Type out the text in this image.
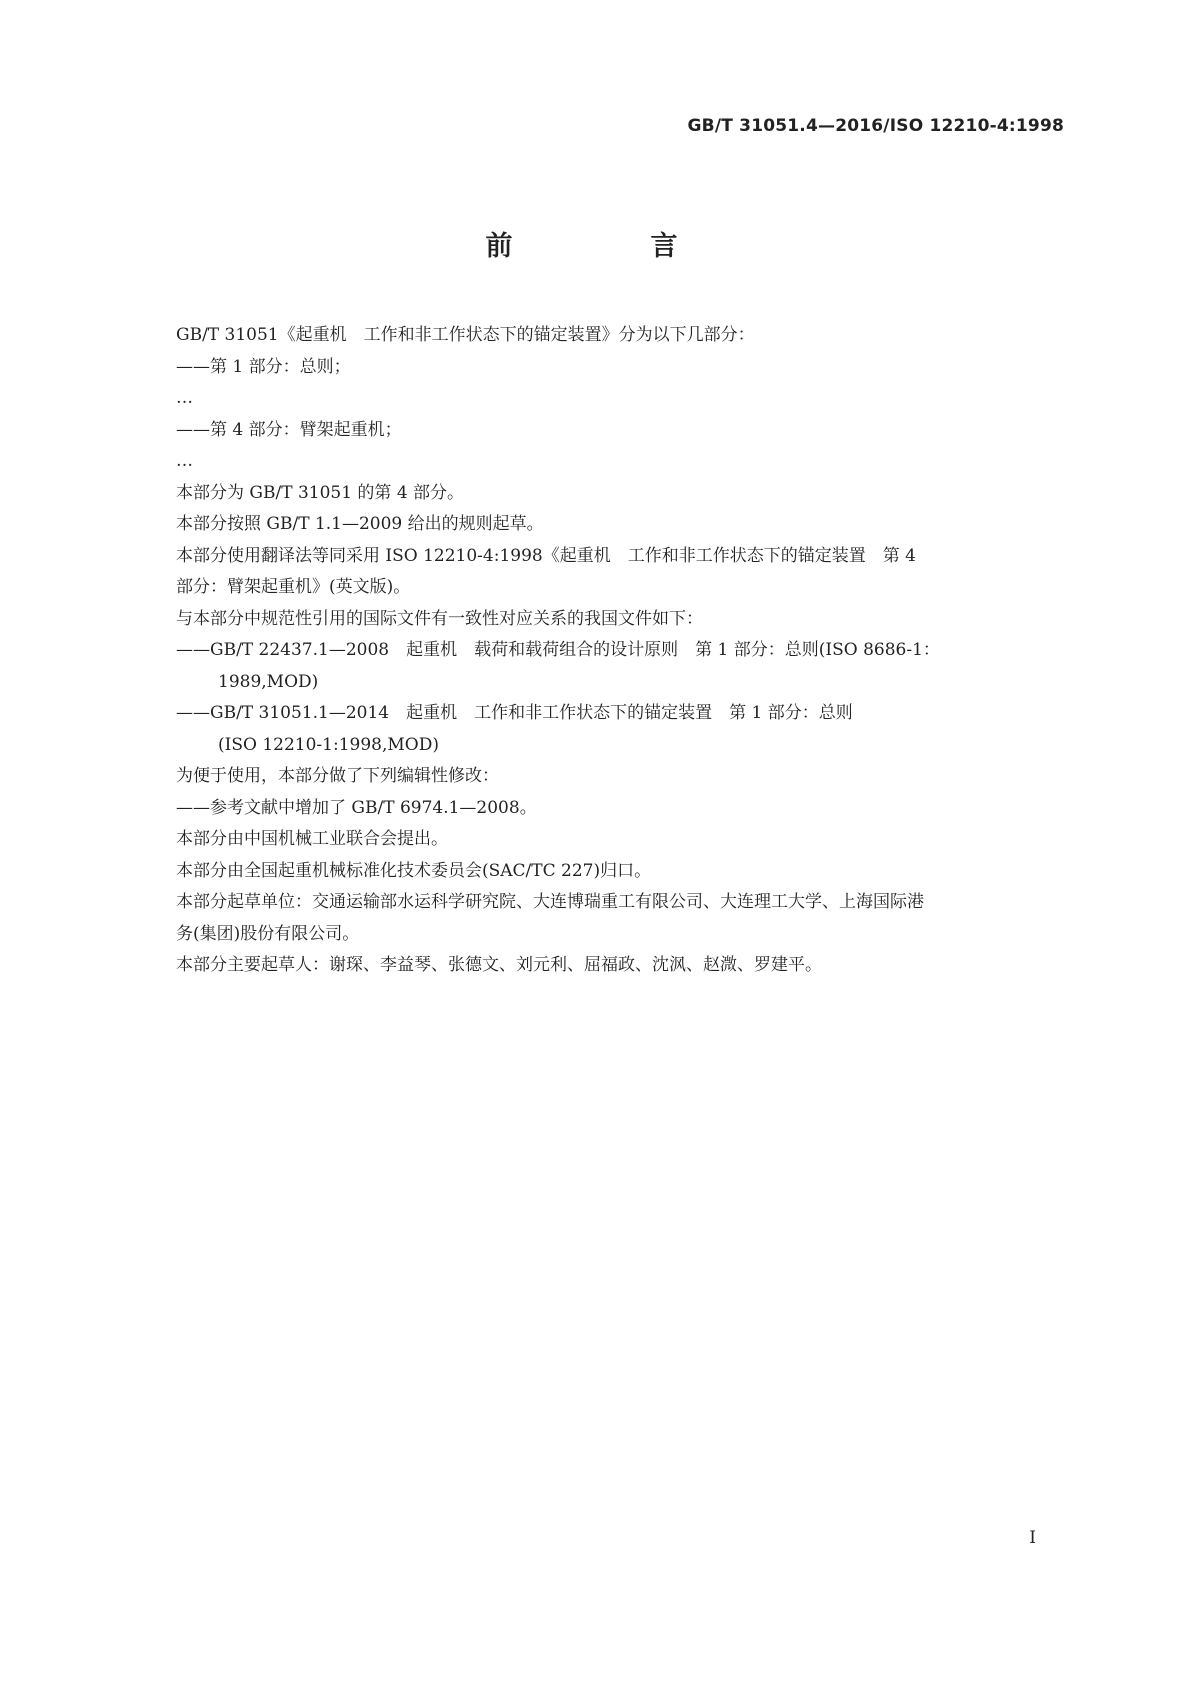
GB/T 31051.4—2016/ISO 12210-4:1998
前　　言

GB/T 31051《起重机　工作和非工作状态下的锚定装置》分为以下几部分：

——第 1 部分：总则；

…

——第 4 部分：臂架起重机；

…

本部分为 GB/T 31051 的第 4 部分。

本部分按照 GB/T 1.1—2009 给出的规则起草。

本部分使用翻译法等同采用 ISO 12210-4:1998《起重机　工作和非工作状态下的锚定装置　第 4

部分：臂架起重机》(英文版)。

与本部分中规范性引用的国际文件有一致性对应关系的我国文件如下：

——GB/T 22437.1—2008　起重机　载荷和载荷组合的设计原则　第 1 部分：总则(ISO 8686-1：

1989,MOD)

——GB/T 31051.1—2014　起重机　工作和非工作状态下的锚定装置　第 1 部分：总则

(ISO 12210-1:1998,MOD)

为便于使用，本部分做了下列编辑性修改：

——参考文献中增加了 GB/T 6974.1—2008。

本部分由中国机械工业联合会提出。

本部分由全国起重机械标准化技术委员会(SAC/TC 227)归口。

本部分起草单位：交通运输部水运科学研究院、大连博瑞重工有限公司、大连理工大学、上海国际港

务(集团)股份有限公司。

本部分主要起草人：谢琛、李益琴、张德文、刘元利、屈福政、沈沨、赵溦、罗建平。

I
